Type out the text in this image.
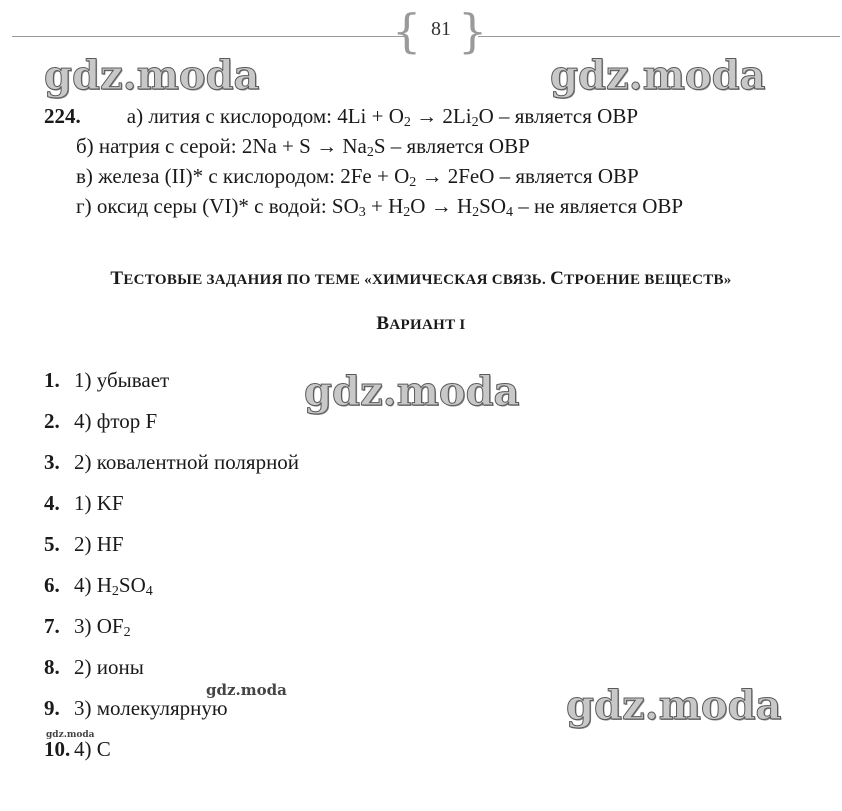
{ }
81
gdz.moda	gdz.moda
gdz.moda
gdz.moda
gdz.moda
gdz.moda
224. а) лития с кислородом: $4Li + O_2 \to 2Li_2O$ – является ОВР
б) натрия с серой: $2Na + S \to Na_2S$ – является ОВР
в) железа (II)* с кислородом: $2Fe + O_2 \to 2FeO$ – является ОВР
г) оксид серы (VI)* с водой: $SO_3 + H_2O \to H_2SO_4$ – не является ОВР
ТЕСТОВЫЕ ЗАДАНИЯ ПО ТЕМЕ «ХИМИЧЕСКАЯ СВЯЗЬ. СТРОЕНИЕ ВЕЩЕСТВ»
ВАРИАНТ I
1. 1) убывает
2. 4) фтор F
3. 2) ковалентной полярной
4. 1) KF
5. 2) HF
6. 4) $H_2SO_4$
7. 3) $OF_2$
8. 2) ионы
9. 3) молекулярную
10. 4) C
